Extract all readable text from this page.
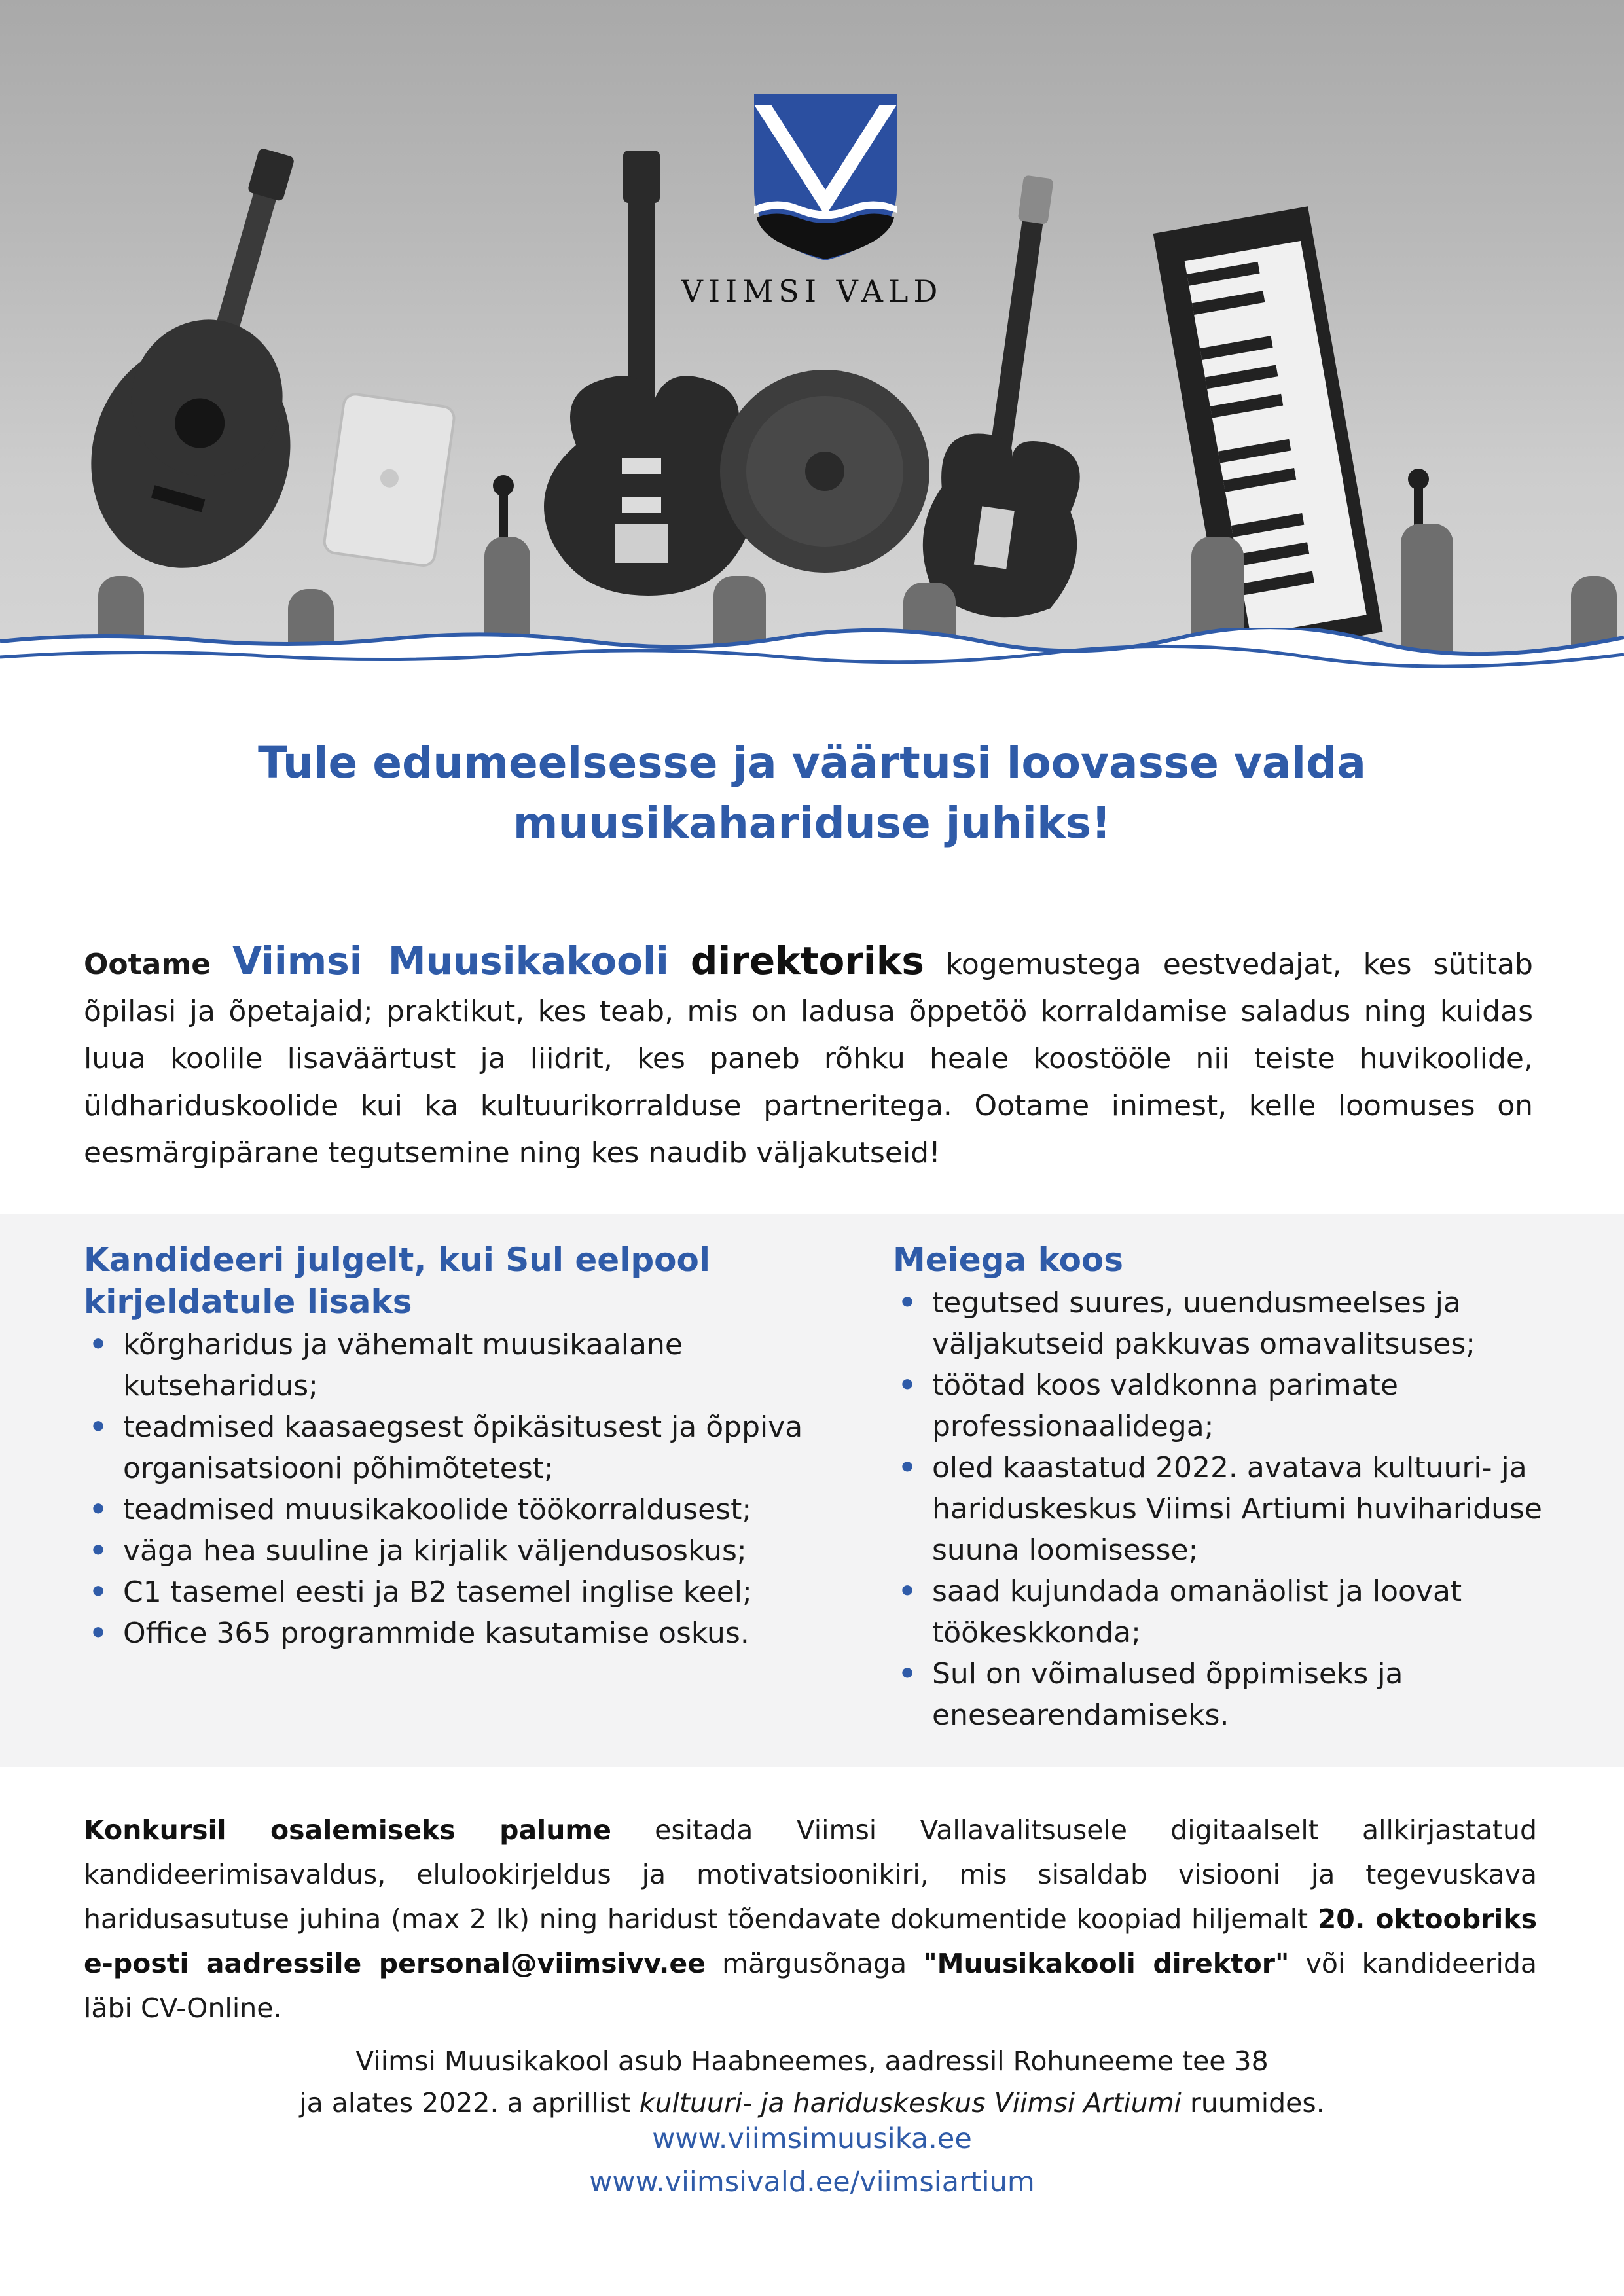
VIIMSI VALD
Tule edumeelsesse ja väärtusi loovasse valda
muusikahariduse juhiks!
Ootame Viimsi Muusikakooli direktoriks kogemustega eestvedajat, kes sütitab õpilasi ja õpetajaid; praktikut, kes teab, mis on ladusa õppetöö korraldamise saladus ning kuidas luua koolile lisaväärtust ja liidrit, kes paneb rõhku heale koostööle nii teiste huvikoolide, üldhariduskoolide kui ka kultuurikorralduse partneritega. Ootame inimest, kelle loomuses on eesmärgipärane tegutsemine ning kes naudib väljakutseid!
Kandideeri julgelt, kui Sul eelpool
kirjeldatule lisaks
• kõrgharidus ja vähemalt muusikaalane kutseharidus;
• teadmised kaasaegsest õpikäsitusest ja õppiva organisatsiooni põhimõtetest;
• teadmised muusikakoolide töökorraldusest;
• väga hea suuline ja kirjalik väljendusoskus;
• C1 tasemel eesti ja B2 tasemel inglise keel;
• Office 365 programmide kasutamise oskus.
Meiega koos
• tegutsed suures, uuendusmeelses ja väljakutseid pakkuvas omavalitsuses;
• töötad koos valdkonna parimate professionaalidega;
• oled kaastatud 2022. avatava kultuuri- ja hariduskeskus Viimsi Artiumi huvihariduse suuna loomisesse;
• saad kujundada omanäolist ja loovat töökeskkonda;
• Sul on võimalused õppimiseks ja enesearendamiseks.
Konkursil osalemiseks palume esitada Viimsi Vallavalitsusele digitaalselt allkirjastatud kandideerimisavaldus, elulookirjeldus ja motivatsioonikiri, mis sisaldab visiooni ja tegevuskava haridusasutuse juhina (max 2 lk) ning haridust tõendavate dokumentide koopiad hiljemalt 20. oktoobriks e-posti aadressile personal@viimsivv.ee märgusõnaga "Muusikakooli direktor" või kandideerida läbi CV-Online.
Viimsi Muusikakool asub Haabneemes, aadressil Rohuneeme tee 38
ja alates 2022. a aprillist kultuuri- ja hariduskeskus Viimsi Artiumi ruumides.
www.viimsimuusika.ee
www.viimsivald.ee/viimsiartium
